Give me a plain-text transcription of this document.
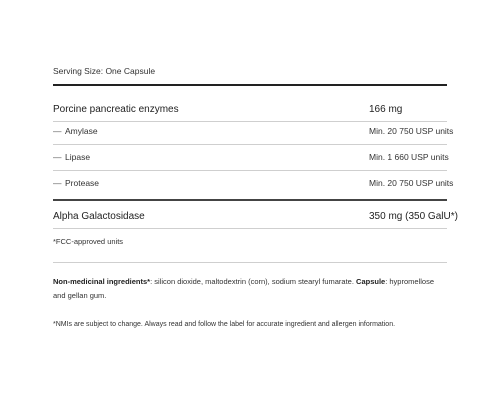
Serving Size: One Capsule
Porcine pancreatic enzymes	166 mg
— Amylase	Min. 20 750 USP units
— Lipase	Min. 1 660 USP units
— Protease	Min. 20 750 USP units
Alpha Galactosidase	350 mg (350 GalU*)
*FCC-approved units
Non-medicinal ingredients*: silicon dioxide, maltodextrin (corn), sodium stearyl fumarate. Capsule: hypromellose and gellan gum.
*NMIs are subject to change. Always read and follow the label for accurate ingredient and allergen information.
